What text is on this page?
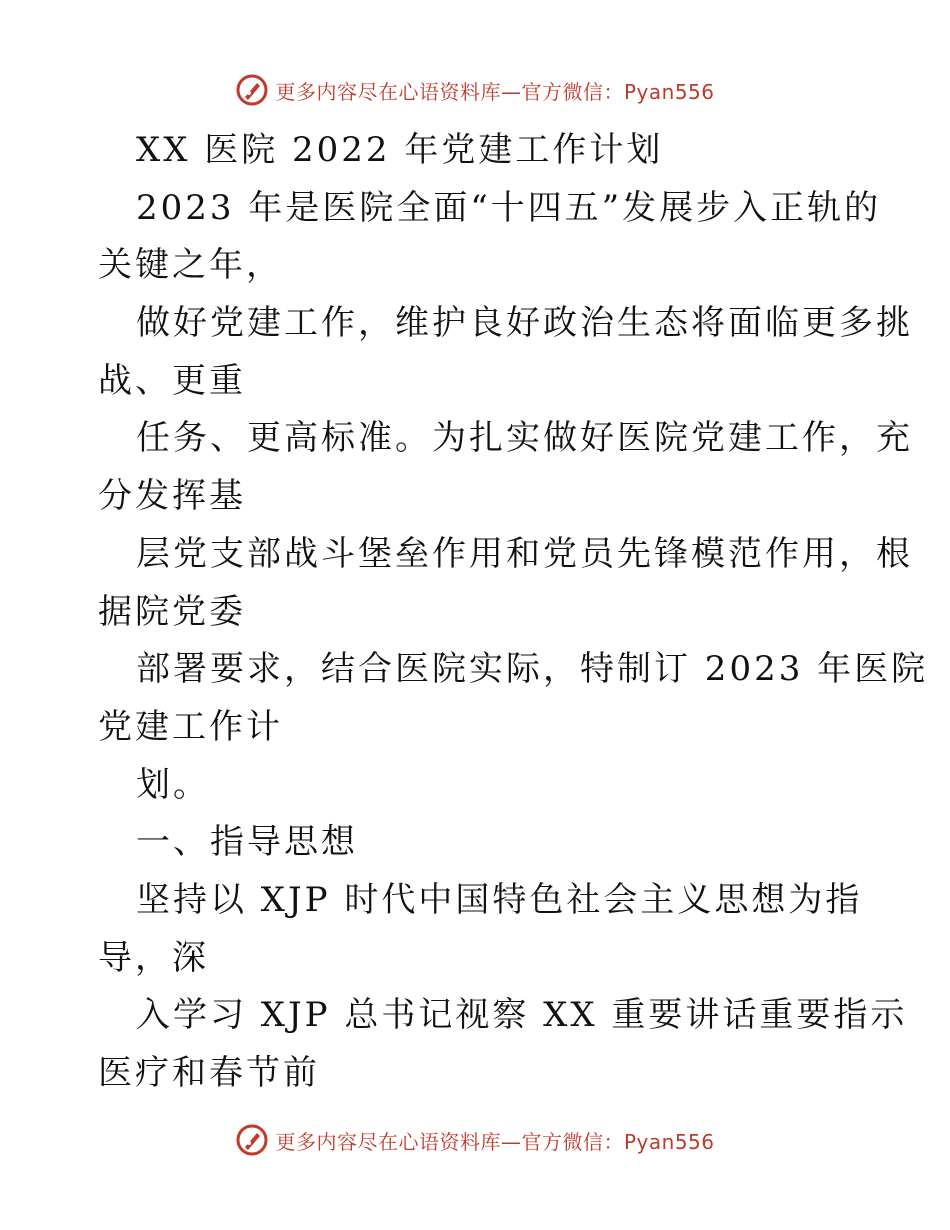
更多内容尽在心语资料库—官方微信：Pyan556
XX 医院 2022 年党建工作计划
2023 年是医院全面“十四五”发展步入正轨的
关键之年，
做好党建工作，维护良好政治生态将面临更多挑
战、更重
任务、更高标准。为扎实做好医院党建工作，充
分发挥基
层党支部战斗堡垒作用和党员先锋模范作用，根
据院党委
部署要求，结合医院实际，特制订 2023 年医院
党建工作计
划。
一、指导思想
坚持以 XJP 时代中国特色社会主义思想为指
导，深
入学习 XJP 总书记视察 XX 重要讲话重要指示
医疗和春节前
更多内容尽在心语资料库—官方微信：Pyan556
